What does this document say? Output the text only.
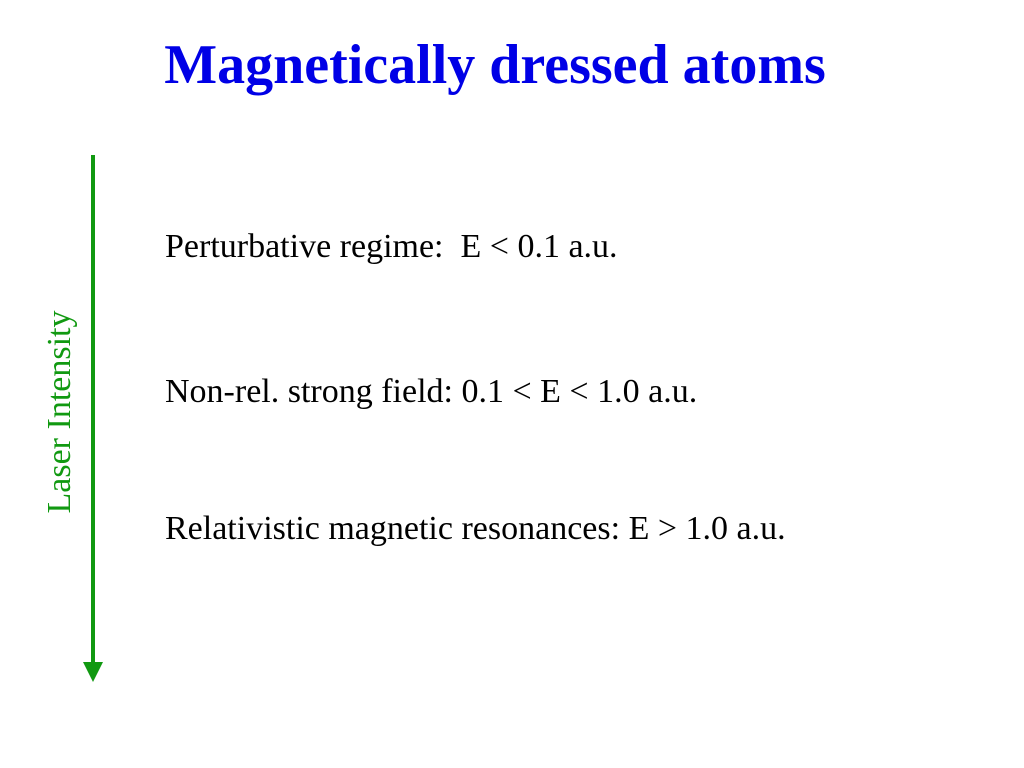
Magnetically dressed atoms
Laser Intensity
Perturbative regime:  E < 0.1 a.u.
Non-rel. strong field: 0.1 < E < 1.0 a.u.
Relativistic magnetic resonances: E > 1.0 a.u.
